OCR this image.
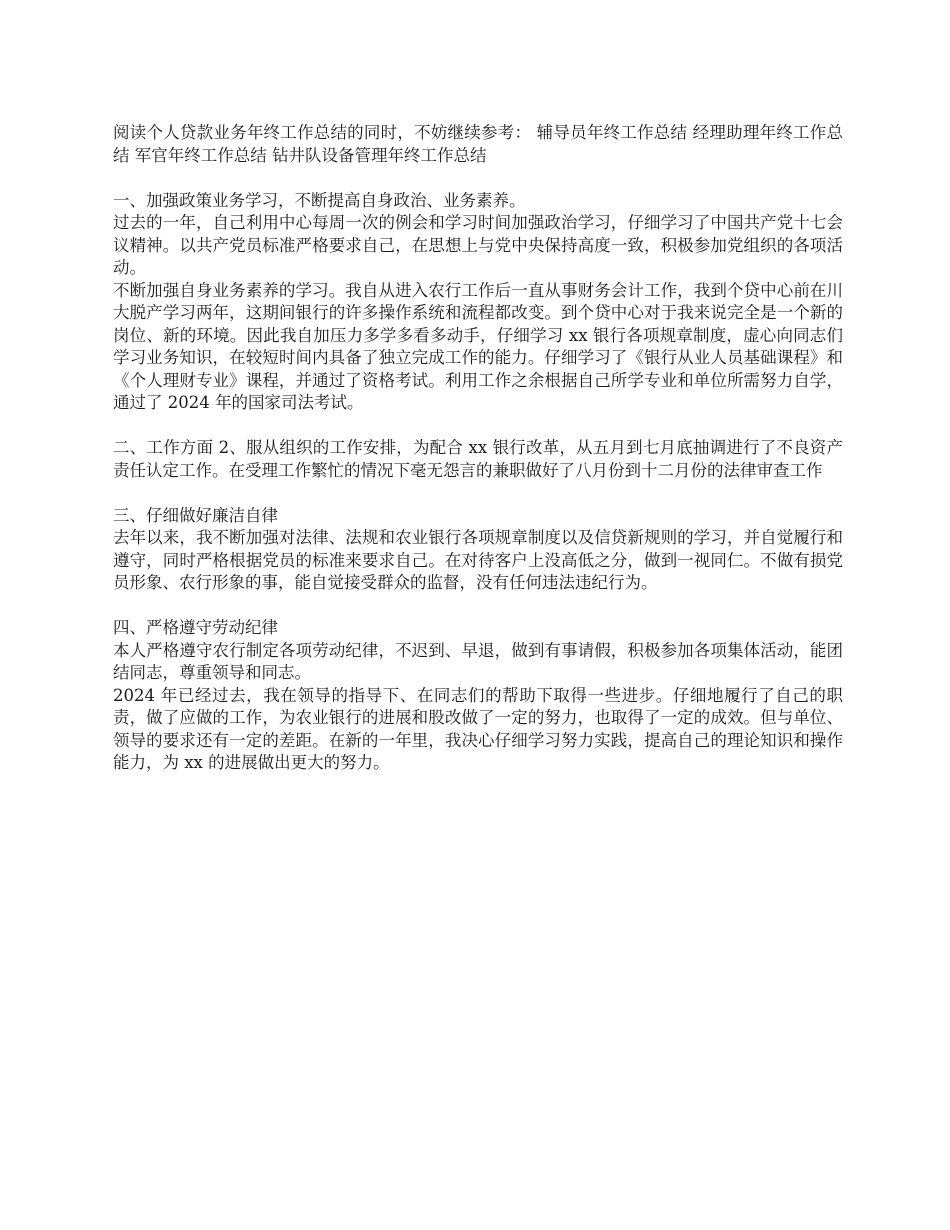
阅读个人贷款业务年终工作总结的同时，不妨继续参考： 辅导员年终工作总结 经理助理年终工作总结 军官年终工作总结 钻井队设备管理年终工作总结

一、加强政策业务学习，不断提高自身政治、业务素养。

过去的一年，自己利用中心每周一次的例会和学习时间加强政治学习，仔细学习了中国共产党十七会议精神。以共产党员标准严格要求自己，在思想上与党中央保持高度一致，积极参加党组织的各项活动。

不断加强自身业务素养的学习。我自从进入农行工作后一直从事财务会计工作，我到个贷中心前在川大脱产学习两年，这期间银行的许多操作系统和流程都改变。到个贷中心对于我来说完全是一个新的岗位、新的环境。因此我自加压力多学多看多动手，仔细学习 xx 银行各项规章制度，虚心向同志们学习业务知识，在较短时间内具备了独立完成工作的能力。仔细学习了《银行从业人员基础课程》和《个人理财专业》课程，并通过了资格考试。利用工作之余根据自己所学专业和单位所需努力自学，通过了 2024 年的国家司法考试。

二、工作方面 2、服从组织的工作安排，为配合 xx 银行改革，从五月到七月底抽调进行了不良资产责任认定工作。在受理工作繁忙的情况下毫无怨言的兼职做好了八月份到十二月份的法律审查工作

三、仔细做好廉洁自律

去年以来，我不断加强对法律、法规和农业银行各项规章制度以及信贷新规则的学习，并自觉履行和遵守，同时严格根据党员的标准来要求自己。在对待客户上没高低之分，做到一视同仁。不做有损党员形象、农行形象的事，能自觉接受群众的监督，没有任何违法违纪行为。

四、严格遵守劳动纪律

本人严格遵守农行制定各项劳动纪律，不迟到、早退，做到有事请假，积极参加各项集体活动，能团结同志，尊重领导和同志。

2024 年已经过去，我在领导的指导下、在同志们的帮助下取得一些进步。仔细地履行了自己的职责，做了应做的工作，为农业银行的进展和股改做了一定的努力，也取得了一定的成效。但与单位、领导的要求还有一定的差距。在新的一年里，我决心仔细学习努力实践，提高自己的理论知识和操作能力，为 xx 的进展做出更大的努力。
